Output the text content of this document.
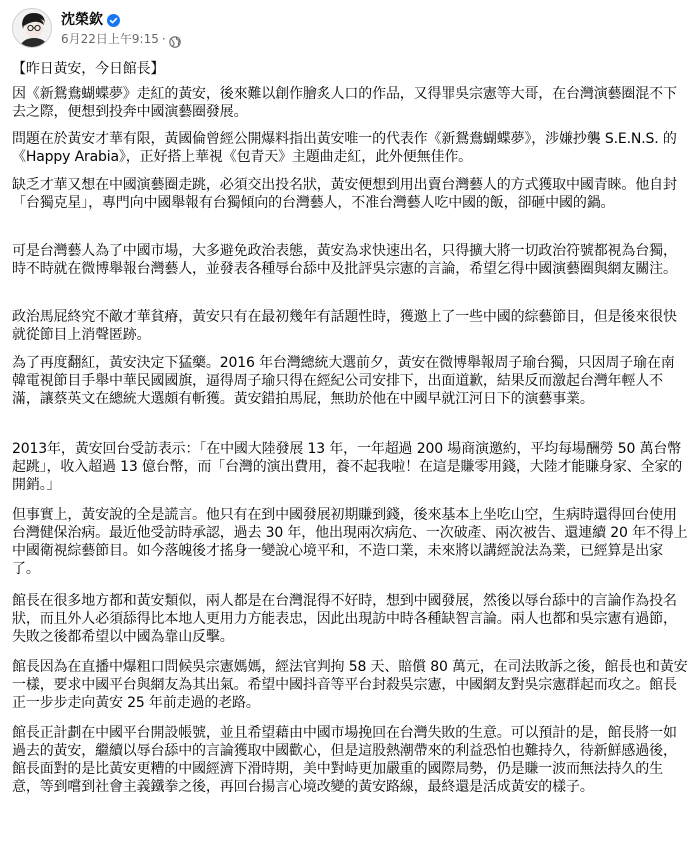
沈榮欽
6月22日上午9:15 ·

【昨日黃安，今日館長】

因《新鴛鴦蝴蝶夢》走紅的黃安，後來難以創作膾炙人口的作品，又得罪吳宗憲等大哥，在台灣演藝圈混不下去之際，便想到投奔中國演藝圈發展。

問題在於黃安才華有限，黃國倫曾經公開爆料指出黃安唯一的代表作《新鴛鴦蝴蝶夢》，涉嫌抄襲 S.E.N.S. 的《Happy Arabia》，正好搭上華視《包青天》主題曲走紅，此外便無佳作。

缺乏才華又想在中國演藝圈走跳，必須交出投名狀，黃安便想到用出賣台灣藝人的方式獲取中國青睞。他自封「台獨克星」，專門向中國舉報有台獨傾向的台灣藝人，不准台灣藝人吃中國的飯，卻砸中國的鍋。

可是台灣藝人為了中國市場，大多避免政治表態，黃安為求快速出名，只得擴大將一切政治符號都視為台獨，時不時就在微博舉報台灣藝人，並發表各種辱台舔中及批評吳宗憲的言論，希望乞得中國演藝圈與網友關注。

政治馬屁終究不敵才華貧瘠，黃安只有在最初幾年有話題性時，獲邀上了一些中國的綜藝節目，但是後來很快就從節目上消聲匿跡。

為了再度翻紅，黃安決定下猛藥。2016 年台灣總統大選前夕，黃安在微博舉報周子瑜台獨，只因周子瑜在南韓電視節目手舉中華民國國旗，逼得周子瑜只得在經紀公司安排下，出面道歉，結果反而激起台灣年輕人不滿，讓蔡英文在總統大選頗有斬獲。黃安錯拍馬屁，無助於他在中國早就江河日下的演藝事業。

2013年，黃安回台受訪表示：「在中國大陸發展 13 年，一年超過 200 場商演邀約，平均每場酬勞 50 萬台幣起跳」，收入超過 13 億台幣，而「台灣的演出費用，養不起我啦！在這是賺零用錢，大陸才能賺身家、全家的開銷。」

但事實上，黃安說的全是謊言。他只有在到中國發展初期賺到錢，後來基本上坐吃山空，生病時還得回台使用台灣健保治病。最近他受訪時承認，過去 30 年，他出現兩次病危、一次破產、兩次被告、還連續 20 年不得上中國衛視綜藝節目。如今落魄後才搖身一變說心境平和，不造口業，未來將以講經說法為業，已經算是出家了。

館長在很多地方都和黃安類似，兩人都是在台灣混得不好時，想到中國發展，然後以辱台舔中的言論作為投名狀，而且外人必須舔得比本地人更用力方能表忠，因此出現訪中時各種缺智言論。兩人也都和吳宗憲有過節，失敗之後都希望以中國為靠山反擊。

館長因為在直播中爆粗口問候吳宗憲媽媽，經法官判拘 58 天、賠償 80 萬元，在司法敗訴之後，館長也和黃安一樣，要求中國平台與網友為其出氣。希望中國抖音等平台封殺吳宗憲，中國網友對吳宗憲群起而攻之。館長正一步步走向黃安 25 年前走過的老路。

館長正計劃在中國平台開設帳號，並且希望藉由中國市場挽回在台灣失敗的生意。可以預計的是，館長將一如過去的黃安，繼續以辱台舔中的言論獲取中國歡心，但是這股熱潮帶來的利益恐怕也難持久，待新鮮感過後，館長面對的是比黃安更糟的中國經濟下滑時期，美中對峙更加嚴重的國際局勢，仍是賺一波而無法持久的生意，等到嚐到社會主義鐵拳之後，再回台揚言心境改變的黃安路線，最終還是活成黃安的樣子。
